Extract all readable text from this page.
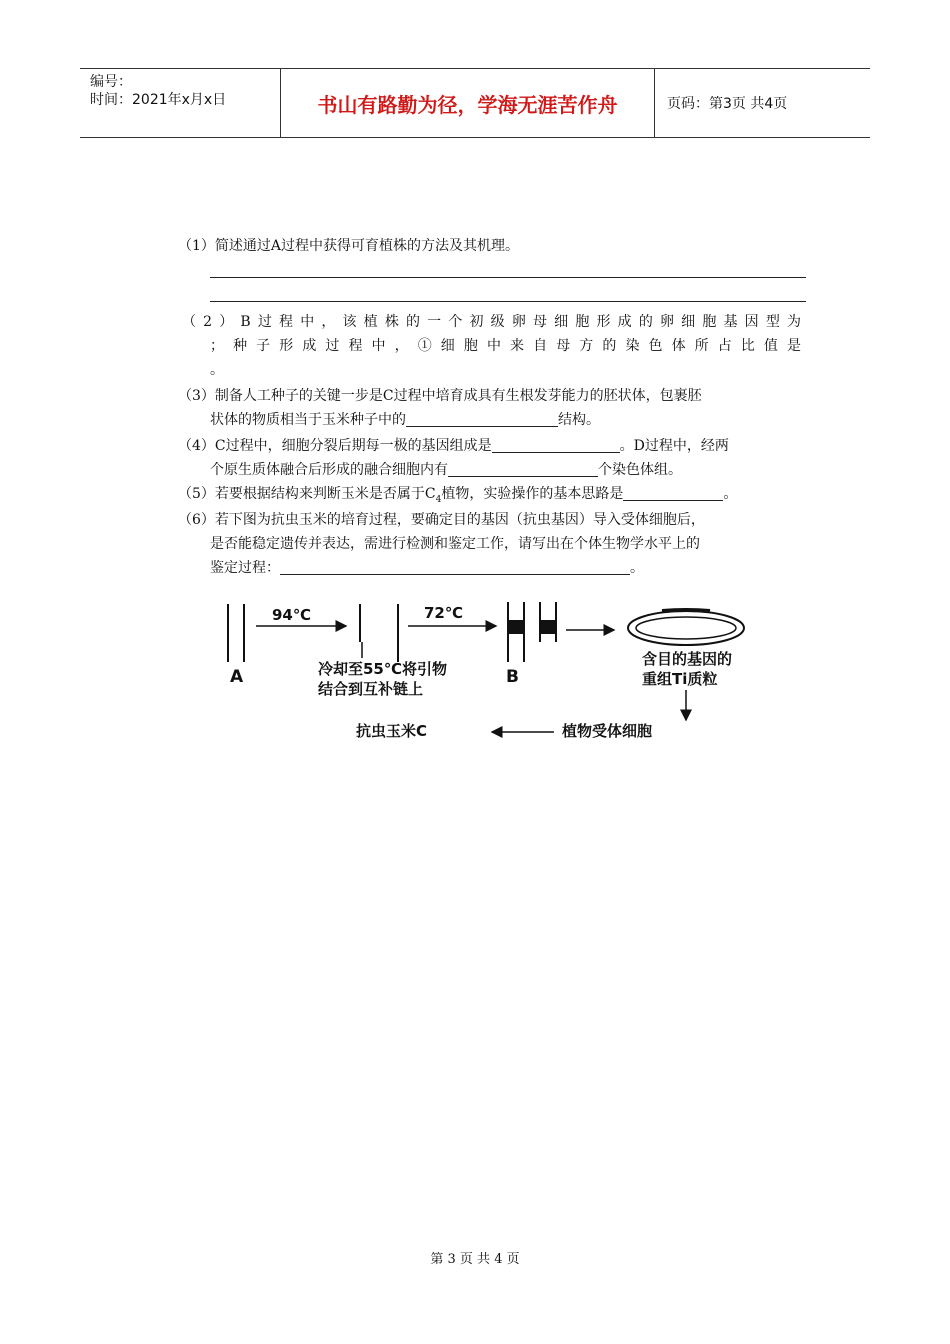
编号：
时间：2021年x月x日	书山有路勤为径，学海无涯苦作舟	页码：第3页 共4页

（1）简述通过A过程中获得可育植株的方法及其机理。

（2）B过程中，该植株的一个初级卵母细胞形成的卵细胞基因型为

；种子形成过程中，①细胞中来自母方的染色体所占比值是

。

（3）制备人工种子的关键一步是C过程中培育成具有生根发芽能力的胚状体，包裹胚

状体的物质相当于玉米种子中的	结构。

（4）C过程中，细胞分裂后期每一极的基因组成是	。D过程中，经两

个原生质体融合后形成的融合细胞内有	个染色体组。

（5）若要根据结构来判断玉米是否属于$C_4$植物，实验操作的基本思路是	。

（6）若下图为抗虫玉米的培育过程，要确定目的基因（抗虫基因）导入受体细胞后，

是否能稳定遗传并表达，需进行检测和鉴定工作，请写出在个体生物学水平上的

鉴定过程：	。

A
94℃
冷却至55℃将引物
结合到互补链上
72℃
B
含目的基因的
重组Ti质粒
植物受体细胞
抗虫玉米C
第 3 页 共 4 页
